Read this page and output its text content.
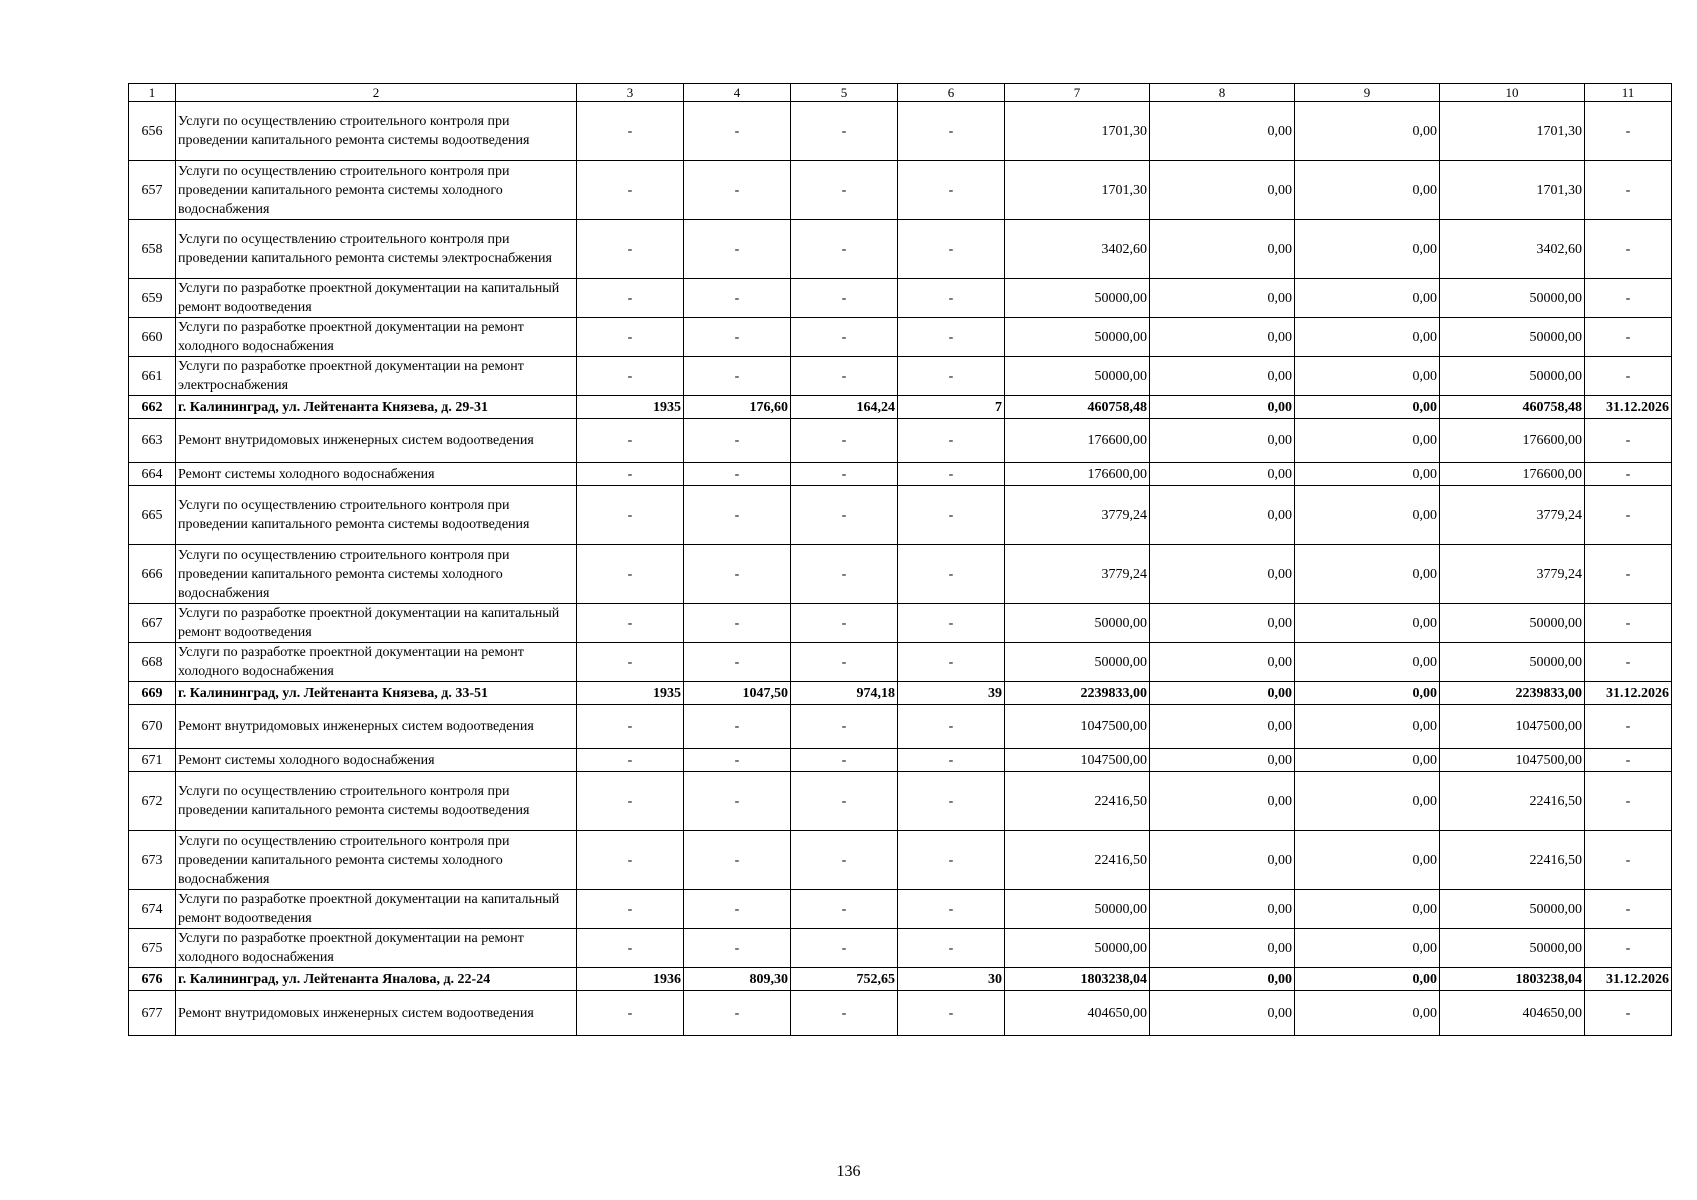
1	2	3	4	5	6	7	8	9	10	11
656	Услуги по осуществлению строительного контроля при проведении капитального ремонта системы водоотведения	-	-	-	-	1701,30	0,00	0,00	1701,30	-
657	Услуги по осуществлению строительного контроля при проведении капитального ремонта системы холодного водоснабжения	-	-	-	-	1701,30	0,00	0,00	1701,30	-
658	Услуги по осуществлению строительного контроля при проведении капитального ремонта системы электроснабжения	-	-	-	-	3402,60	0,00	0,00	3402,60	-
659	Услуги по разработке проектной документации на капитальный ремонт водоотведения	-	-	-	-	50000,00	0,00	0,00	50000,00	-
660	Услуги по разработке проектной документации на ремонт холодного водоснабжения	-	-	-	-	50000,00	0,00	0,00	50000,00	-
661	Услуги по разработке проектной документации на ремонт электроснабжения	-	-	-	-	50000,00	0,00	0,00	50000,00	-
662	г. Калининград, ул. Лейтенанта Князева, д. 29-31	1935	176,60	164,24	7	460758,48	0,00	0,00	460758,48	31.12.2026
663	Ремонт внутридомовых инженерных систем водоотведения	-	-	-	-	176600,00	0,00	0,00	176600,00	-
664	Ремонт системы холодного водоснабжения	-	-	-	-	176600,00	0,00	0,00	176600,00	-
665	Услуги по осуществлению строительного контроля при проведении капитального ремонта системы водоотведения	-	-	-	-	3779,24	0,00	0,00	3779,24	-
666	Услуги по осуществлению строительного контроля при проведении капитального ремонта системы холодного водоснабжения	-	-	-	-	3779,24	0,00	0,00	3779,24	-
667	Услуги по разработке проектной документации на капитальный ремонт водоотведения	-	-	-	-	50000,00	0,00	0,00	50000,00	-
668	Услуги по разработке проектной документации на ремонт холодного водоснабжения	-	-	-	-	50000,00	0,00	0,00	50000,00	-
669	г. Калининград, ул. Лейтенанта Князева, д. 33-51	1935	1047,50	974,18	39	2239833,00	0,00	0,00	2239833,00	31.12.2026
670	Ремонт внутридомовых инженерных систем водоотведения	-	-	-	-	1047500,00	0,00	0,00	1047500,00	-
671	Ремонт системы холодного водоснабжения	-	-	-	-	1047500,00	0,00	0,00	1047500,00	-
672	Услуги по осуществлению строительного контроля при проведении капитального ремонта системы водоотведения	-	-	-	-	22416,50	0,00	0,00	22416,50	-
673	Услуги по осуществлению строительного контроля при проведении капитального ремонта системы холодного водоснабжения	-	-	-	-	22416,50	0,00	0,00	22416,50	-
674	Услуги по разработке проектной документации на капитальный ремонт водоотведения	-	-	-	-	50000,00	0,00	0,00	50000,00	-
675	Услуги по разработке проектной документации на ремонт холодного водоснабжения	-	-	-	-	50000,00	0,00	0,00	50000,00	-
676	г. Калининград, ул. Лейтенанта Яналова, д. 22-24	1936	809,30	752,65	30	1803238,04	0,00	0,00	1803238,04	31.12.2026
677	Ремонт внутридомовых инженерных систем водоотведения	-	-	-	-	404650,00	0,00	0,00	404650,00	-
136
